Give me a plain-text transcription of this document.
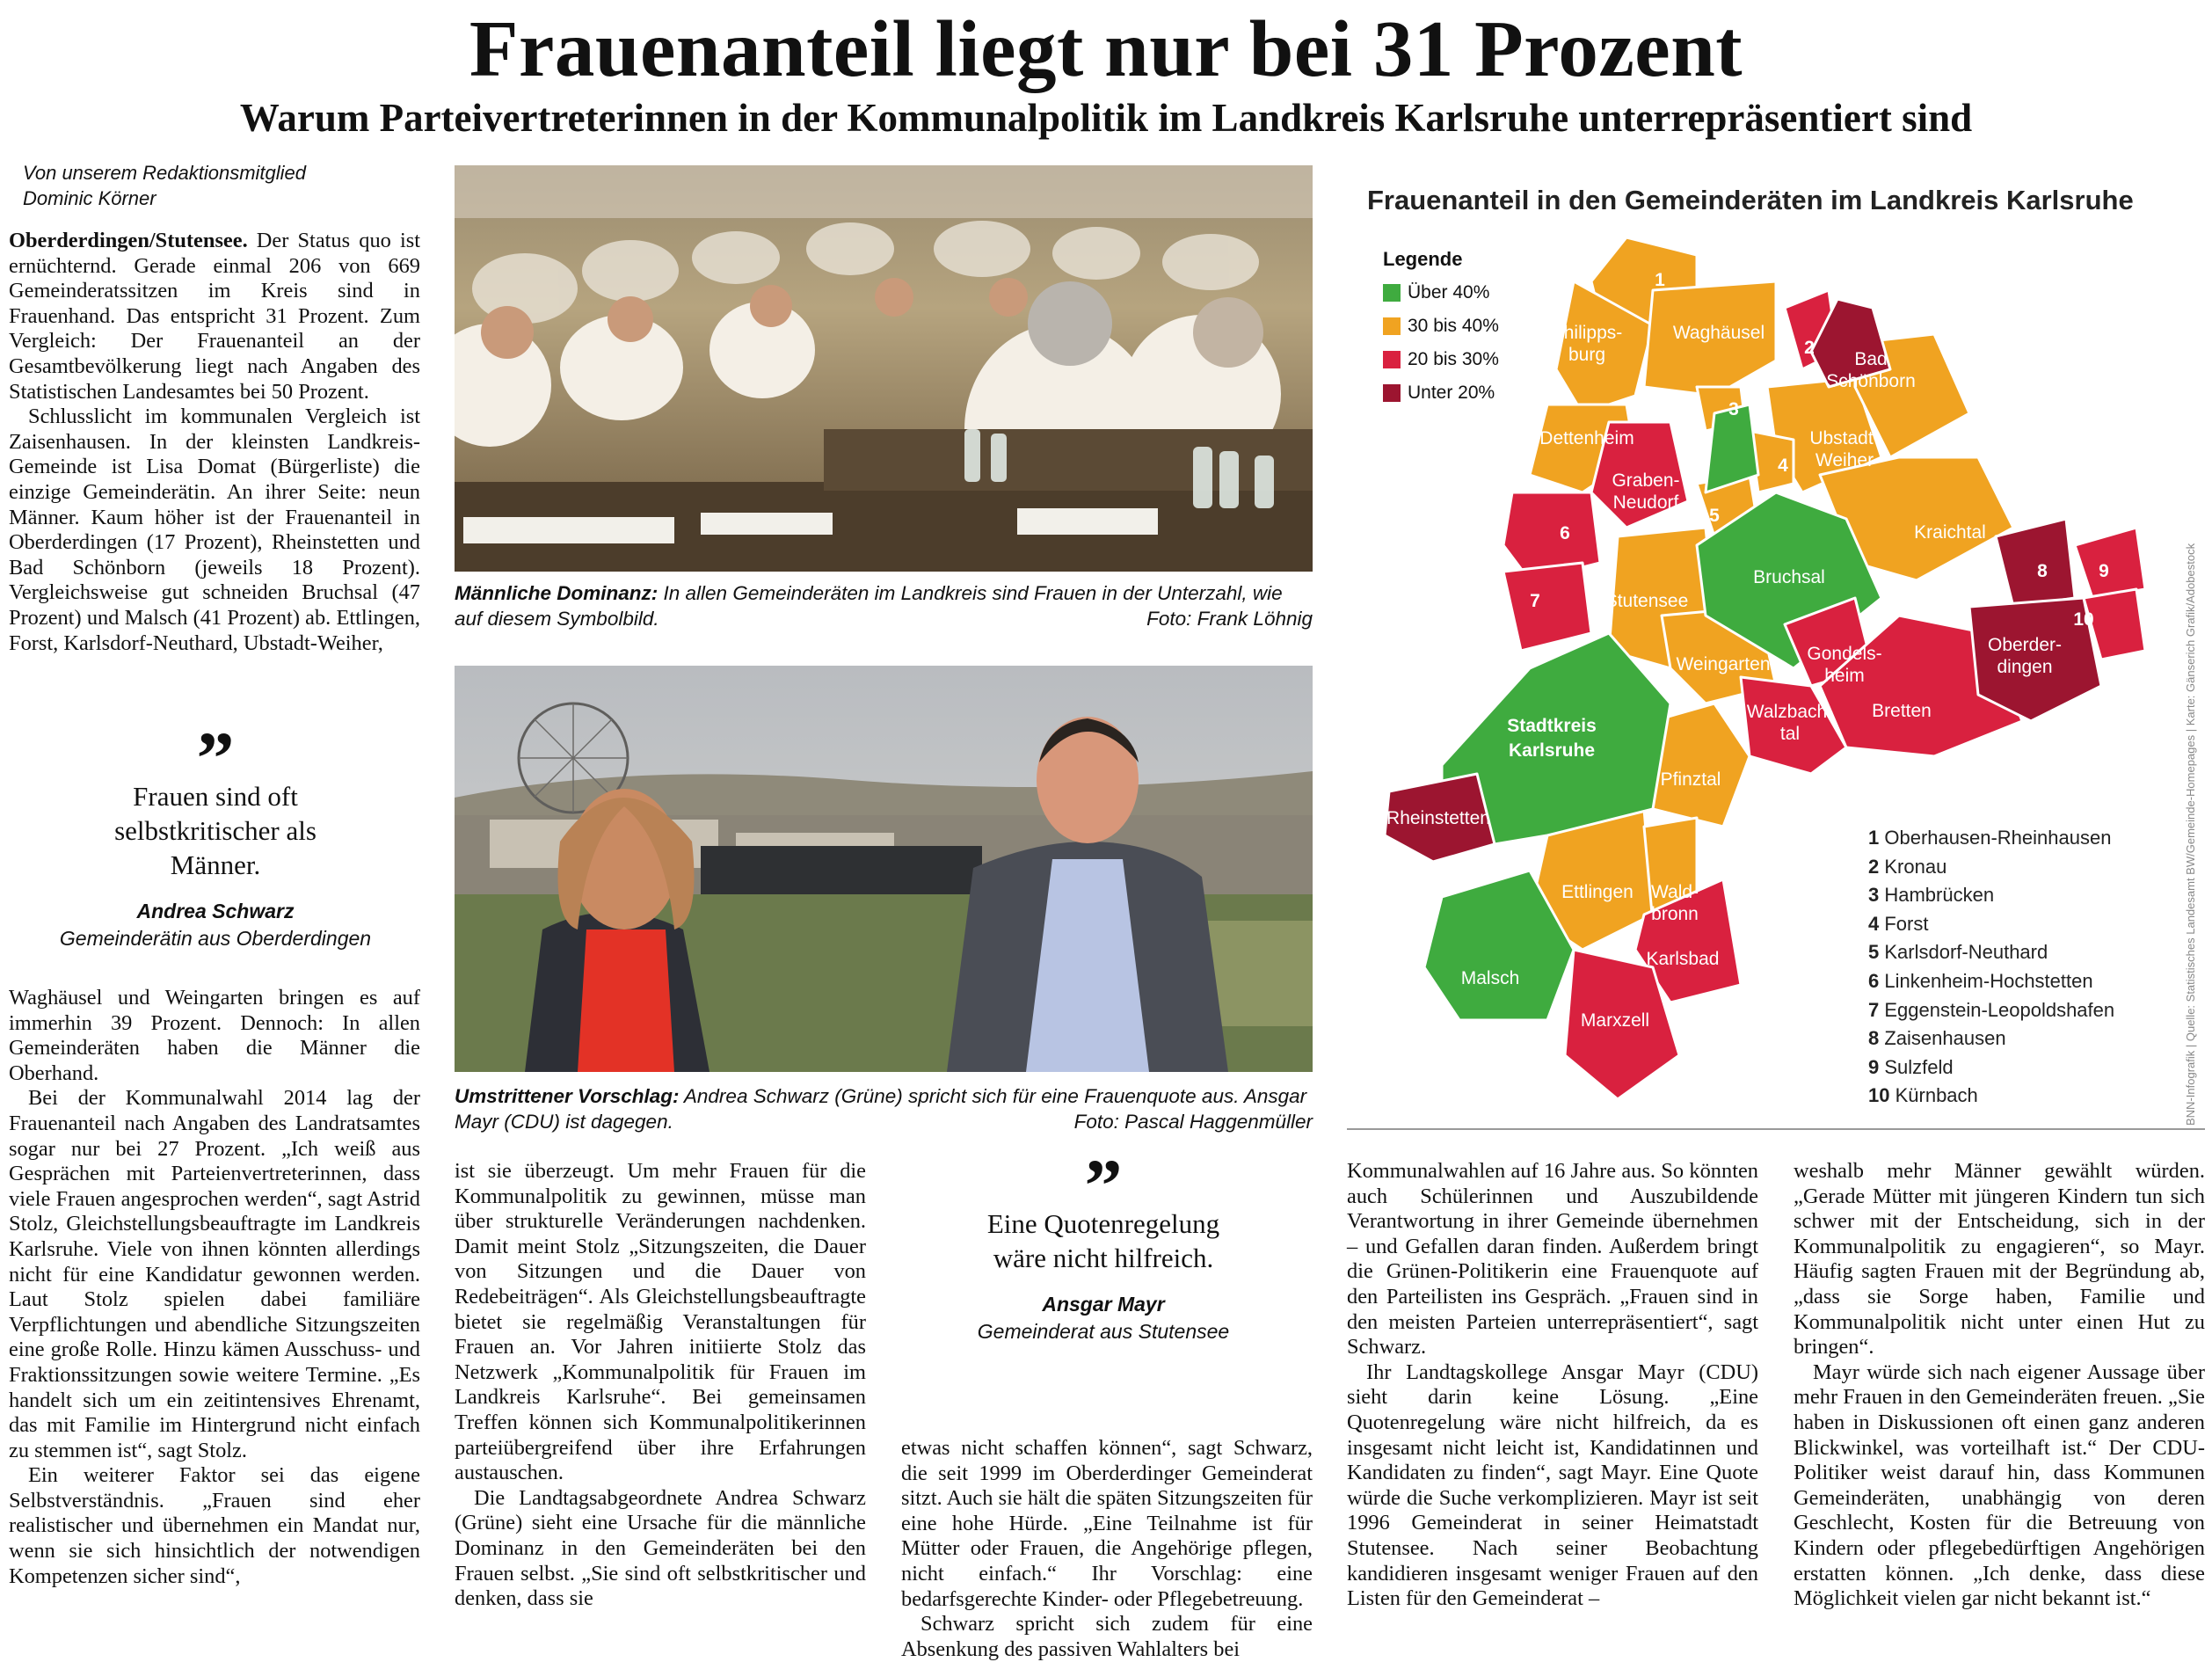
Frauenanteil liegt nur bei 31 Prozent
Warum Parteivertreterinnen in der Kommunalpolitik im Landkreis Karlsruhe unterrepräsentiert sind
Von unserem Redaktionsmitglied
Dominic Körner

Oberderdingen/Stutensee. Der Status quo ist ernüchternd. Gerade einmal 206 von 669 Gemeinderatssitzen im Kreis sind in Frauenhand. Das entspricht 31 Prozent. Zum Vergleich: Der Frauenanteil an der Gesamtbevölkerung liegt nach Angaben des Statistischen Landesamtes bei 50 Prozent.

Schlusslicht im kommunalen Vergleich ist Zaisenhausen. In der kleinsten Landkreis-Gemeinde ist Lisa Domat (Bürgerliste) die einzige Gemeinderätin. An ihrer Seite: neun Männer. Kaum höher ist der Frauenanteil in Oberderdingen (17 Prozent), Rheinstetten und Bad Schönborn (jeweils 18 Prozent). Vergleichsweise gut schneiden Bruchsal (47 Prozent) und Malsch (41 Prozent) ab. Ettlingen, Forst, Karlsdorf-Neuthard, Ubstadt-Weiher,

”
Frauen sind oft selbstkritischer als Männer.
Andrea Schwarz
Gemeinderätin aus Oberderdingen

Waghäusel und Weingarten bringen es auf immerhin 39 Prozent. Dennoch: In allen Gemeinderäten haben die Männer die Oberhand.

Bei der Kommunalwahl 2014 lag der Frauenanteil nach Angaben des Landratsamtes sogar nur bei 27 Prozent. „Ich weiß aus Gesprächen mit Parteienvertreterinnen, dass viele Frauen angesprochen werden“, sagt Astrid Stolz, Gleichstellungsbeauftragte im Landkreis Karlsruhe. Viele von ihnen könnten allerdings nicht für eine Kandidatur gewonnen werden. Laut Stolz spielen dabei familiäre Verpflichtungen und abendliche Sitzungszeiten eine große Rolle. Hinzu kämen Ausschuss- und Fraktionssitzungen sowie weitere Termine. „Es handelt sich um ein zeitintensives Ehrenamt, das mit Familie im Hintergrund nicht einfach zu stemmen ist“, sagt Stolz.

Ein weiterer Faktor sei das eigene Selbstverständnis. „Frauen sind eher realistischer und übernehmen ein Mandat nur, wenn sie sich hinsichtlich der notwendigen Kompetenzen sicher sind“,

Männliche Dominanz: In allen Gemeinderäten im Landkreis sind Frauen in der Unterzahl, wie auf diesem Symbolbild.	Foto: Frank Löhnig
Umstrittener Vorschlag: Andrea Schwarz (Grüne) spricht sich für eine Frauenquote aus. Ansgar Mayr (CDU) ist dagegen.	Foto: Pascal Haggenmüller

ist sie überzeugt. Um mehr Frauen für die Kommunalpolitik zu gewinnen, müsse man über strukturelle Veränderungen nachdenken. Damit meint Stolz „Sitzungszeiten, die Dauer von Sitzungen und die Dauer von Redebeiträgen“. Als Gleichstellungsbeauftragte bietet sie regelmäßig Veranstaltungen für Frauen an. Vor Jahren initiierte Stolz das Netzwerk „Kommunalpolitik für Frauen im Landkreis Karlsruhe“. Bei gemeinsamen Treffen können sich Kommunalpolitikerinnen parteiübergreifend über ihre Erfahrungen austauschen.

Die Landtagsabgeordnete Andrea Schwarz (Grüne) sieht eine Ursache für die männliche Dominanz in den Gemeinderäten bei den Frauen selbst. „Sie sind oft selbstkritischer und denken, dass sie

”
Eine Quotenregelung wäre nicht hilfreich.
Ansgar Mayr
Gemeinderat aus Stutensee

etwas nicht schaffen können“, sagt Schwarz, die seit 1999 im Oberderdinger Gemeinderat sitzt. Auch sie hält die späten Sitzungszeiten für eine hohe Hürde. „Eine Teilnahme ist für Mütter oder Frauen, die Angehörige pflegen, nicht einfach.“ Ihr Vorschlag: eine bedarfsgerechte Kinder- oder Pflegebetreuung.

Schwarz spricht sich zudem für eine Absenkung des passiven Wahlalters bei

Kommunalwahlen auf 16 Jahre aus. So könnten auch Schülerinnen und Auszubildende Verantwortung in ihrer Gemeinde übernehmen – und Gefallen daran finden. Außerdem bringt die Grünen-Politikerin eine Frauenquote auf den Parteilisten ins Gespräch. „Frauen sind in den meisten Parteien unterrepräsentiert“, sagt Schwarz.

Ihr Landtagskollege Ansgar Mayr (CDU) sieht darin keine Lösung. „Eine Quotenregelung wäre nicht hilfreich, da es insgesamt nicht leicht ist, Kandidatinnen und Kandidaten zu finden“, sagt Mayr. Eine Quote würde die Suche verkomplizieren. Mayr ist seit 1996 Gemeinderat in seiner Heimatstadt Stutensee. Nach seiner Beobachtung kandidieren insgesamt weniger Frauen auf den Listen für den Gemeinderat –

weshalb mehr Männer gewählt würden. „Gerade Mütter mit jüngeren Kindern tun sich schwer mit der Entscheidung, sich in der Kommunalpolitik zu engagieren“, so Mayr. Häufig sagten Frauen mit der Begründung ab, „dass sie Sorge haben, Familie und Kommunalpolitik nicht unter einen Hut zu bringen“.

Mayr würde sich nach eigener Aussage über mehr Frauen in den Gemeinderäten freuen. „Sie haben in Diskussionen oft einen ganz anderen Blickwinkel, was vorteilhaft ist.“ Der CDU-Politiker weist darauf hin, dass Kommunen Gemeinderäten, unabhängig von deren Geschlecht, Kosten für die Betreuung von Kindern oder pflegebedürftigen Angehörigen erstatten können. „Ich denke, dass diese Möglichkeit vielen gar nicht bekannt ist.“

Frauenanteil in den Gemeinderäten im Landkreis Karlsruhe
Legende
Über 40%
30 bis 40%
20 bis 30%
Unter 20%
BNN-Infografik | Quelle: Statistisches Landesamt BW/Gemeinde-Homepages | Karte: Gänserich Grafik/Adobestock
1 Oberhausen-Rheinhausen
2 Kronau
3 Hambrücken
4 Forst
5 Karlsdorf-Neuthard
6 Linkenheim-Hochstetten
7 Eggenstein-Leopoldshafen
8 Zaisenhausen
9 Sulzfeld
10 Kürnbach
1
Philipps-
burg
Waghäusel
2
Bad
Schönborn
3
Dettenheim	Ubstadt-
Weiher
Östringen
4
Graben-
Neudorf
5
6	Kraichtal
Bruchsal	8	9
7	Stutensee
10
Oberder-
dingen
Gondels-
heim
Weingarten
Walzbach-
tal
Bretten
Stadtkreis
Karlsruhe
Pfinztal
Rheinstetten
Ettlingen Wald-
bronn
Karlsbad
Malsch
Marxzell
